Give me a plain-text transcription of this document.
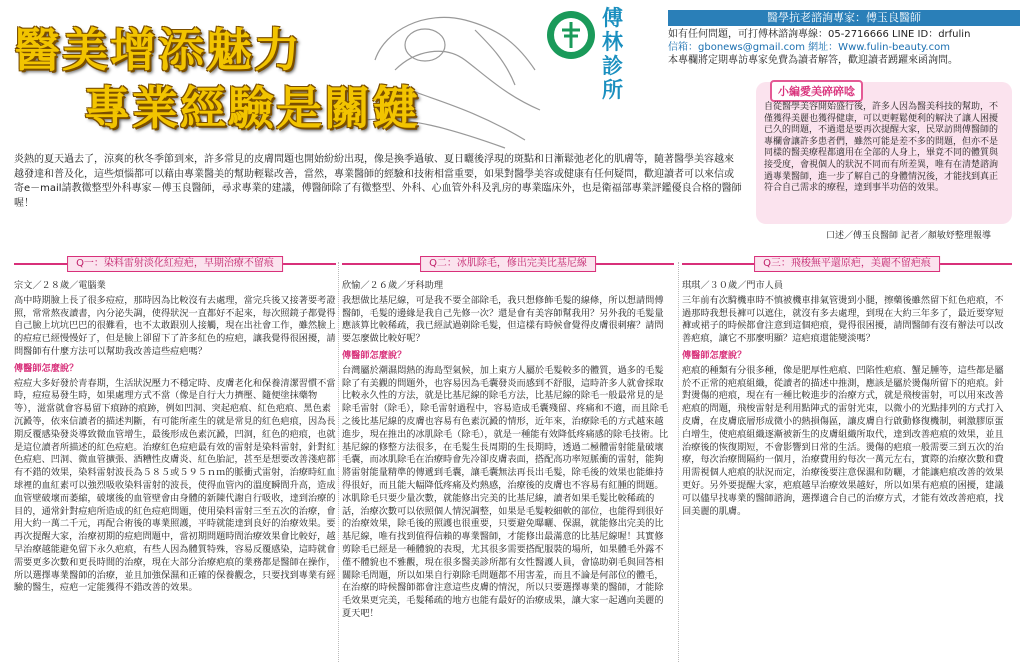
醫美增添魅力
專業經驗是關鍵
傅林
診所
醫學抗老諮詢專家：傅玉良醫師
如有任何問題，可打傅林諮詢專線：05-2716666 LINE ID：drfulin
信箱：gbonews@gmail.com 網址：Www.fulin-beauty.com
本專欄將定期專訪專家免費為讀者解答，歡迎讀者踴躍來函詢問。
小編愛美碎碎唸
自從醫學美容開始盛行後，許多人因為醫美科技的幫助，不僅獲得美麗也獲得健康，可以更輕鬆便利的解決了讓人困擾已久的問題，不過還是要再次提醒大家，民眾訪問傅醫師的專欄會讓許多患者們，雖然可能是差不多的問題，但亦不是同樣的醫美療程都適用在全部的人身上，畢竟不同的體質與接受度，會視個人的狀況不同而有所差異，唯有在清楚諮詢過專業醫師，進一步了解自己的身體情況後，才能找到真正符合自己需求的療程，達到事半功倍的效果。
炎熱的夏天過去了，涼爽的秋冬季節到來，許多常見的皮膚問題也開始紛紛出現，像是換季過敏、夏日曬後浮現的斑點和日漸鬆弛老化的肌膚等，隨著醫學美容越來越發達和普及化，這些煩惱都可以藉由專業醫美的幫助輕鬆改善，當然，專業醫師的經驗和技術相當重要，如果對醫學美容或健康有任何疑問，歡迎讀者可以來信或寄e－mail請教微整型外科專家－傅玉良醫師，尋求專業的建議，傅醫師除了有微整型、外科、心血管外科及乳房的專業臨床外，也是衛福部專業評鑑優良合格的醫師喔！
口述／傅玉良醫師 記者／顏敏妤整理報導
Q一：染料雷射淡化紅痘疤，早期治療不留痕	Q二：冰肌除毛，修出完美比基尼線	Q三：飛梭無平還原疤，美麗不留疤痕

宗文／２８歲／電腦業

高中時期臉上長了很多痘痘，那時因為比較沒有去處理，當完兵後又接著要考證照，常常熬夜讀書，內分泌失調，使得狀況一直都好不起來，每次照鏡子都覺得自己臉上坑坑巴巴的很難看，也不太敢跟別人接觸，現在出社會工作，雖然臉上的痘痘已經慢慢好了，但是臉上卻留下了許多紅色的痘疤，讓我覺得很困擾，請問醫師有什麼方法可以幫助我改善這些痘疤嗎？

傅醫師怎麼說？

痘痘大多好發於青春期，生活狀況壓力不穩定時、皮膚老化和保養清潔習慣不當時，痘痘易發生時，如果處理方式不當（像是自行大力擠壓、隨便塗抹藥物等），滋當就會容易留下痕跡的痕跡，例如凹洞、突起疤痕、紅色疤痕、黑色素沉澱等，依來信讀者的描述判斷，有可能所產生的就是常見的紅色疤痕，因為長期反覆感染發炎導致微血管增生，最後形成色素沉澱，凹洞，紅色的疤痕，也就是這位讀者所描述的紅色痘疤。治療紅色痘疤最有效的雷射是染料雷射，針對紅色痘疤、凹洞、微血管擴張、酒糟性皮膚炎、紅色胎記，甚至是想要改善淺疤都有不錯的效果，染料雷射波長為５８５或５９５ｎｍ的脈衝式雷射，治療時紅血球裡的血紅素可以強烈吸收染料雷射的波長，使得血管內的溫度瞬間升高，造成血管壁破壞而萎縮，破壞後的血管壁會由身體的新陳代謝自行吸收，達到治療的目的，通常針對痘疤所造成的紅色痘疤問題，使用染料雷射三至五次的治療，會用大約一萬二千元，再配合術後的專業照護，平時就能達到良好的治療效果。要再次提醒大家，治療初期的痘疤問題中，當初期問題時間治療效果會比較好，越早治療越能避免留下永久疤痕，有些人因為體質特殊，容易反覆感染，這時就會需要更多次數和更長時間的治療，現在大部分治療疤痕的業務都是醫師在操作，所以選擇專業醫師的治療，並且加強保濕和正確的保養觀念，只要找到專業有經驗的醫生，痘疤一定能獲得不錯改善的效果。

欣愉／２６歲／牙科助理

我想做比基尼線，可是我不要全部除毛，我只想修飾毛髮的線條，所以想請問傅醫師，毛髮的邊緣是我自己先修一次？還是會有美容師幫我用？另外我的毛髮量應該算比較稀疏，我已經試過剃除毛髮，但這樣有時候會覺得皮膚很刺癢？請問要怎麼做比較好呢？

傅醫師怎麼說？

台灣屬於潮濕悶熱的海島型氣候，加上東方人屬於毛髮較多的體質，過多的毛髮除了有美觀的問題外，也容易因為毛囊發炎而感到不舒服，這時許多人就會採取比較永久性的方法，就是比基尼線的除毛方法，比基尼線的除毛一般最常見的是除毛雷射（除毛），除毛雷射過程中，容易造成毛囊殘留、疼痛和不適，而且除毛之後比基尼線的皮膚也容易有色素沉澱的情形，近年來，治療除毛的方式越來越進步，現在推出的冰肌除毛（除毛），就是一種能有效降低疼痛感的除毛技術。比基尼線的修整方法很多，在毛髮生長周期的生長期時，透過二極體雷射能量破壞毛囊，而冰肌除毛在治療時會先冷卻皮膚表面，搭配高功率短脈衝的雷射，能夠將雷射能量精準的傳遞到毛囊，讓毛囊無法再長出毛髮，除毛後的效果也能維持得很好，而且能大幅降低疼痛及灼熱感，治療後的皮膚也不容易有紅腫的問題。冰肌除毛只要少量次數，就能修出完美的比基尼線，讀者如果毛髮比較稀疏的話，治療次數可以依照個人情況調整，如果是毛髮較細軟的部位，也能得到很好的治療效果，除毛後的照護也很重要，只要避免曝曬、保濕，就能修出完美的比基尼線，唯有找到值得信賴的專業醫師，才能修出最滿意的比基尼線喔！其實修剪除毛已經是一種體貌的表現，尤其很多需要搭配服裝的場所，如果體毛外露不僅不體貌也不雅觀，現在很多醫美診所都有女性醫護人員，會協助剃毛與回答相關除毛問題，所以如果自行剃除毛問題都不用害羞，而且不論是何部位的體毛，在治療的時候醫師都會注意這些皮膚的情況，所以只要選擇專業的醫師，才能除毛效果更完美，毛髮稀疏的地方也能有最好的治療成果，讓大家一起邁向美麗的夏天吧！

琪琪／３０歲／門市人員

三年前有次騎機車時不慎被機車排氣管燙到小腿，擦藥後雖然留下紅色疤痕，不過那時我想長褲可以遮住，就沒有多去處理，到現在大約三年多了，最近要穿短褲或裙子的時候都會注意到這個疤痕，覺得很困擾，請問醫師有沒有辦法可以改善疤痕，讓它不那麼明顯？這疤痕還能變淡嗎？

傅醫師怎麼說？

疤痕的種類有分很多種，像是肥厚性疤痕、凹陷性疤痕、蟹足腫等，這些都是屬於不正常的疤痕組織，從讀者的描述中推測，應該是屬於燙傷所留下的疤痕。針對燙傷的疤痕，現在有一種比較進步的治療方式，就是飛梭雷射，可以用來改善疤痕的問題，飛梭雷射是利用點陣式的雷射光束，以微小的光點排列的方式打入皮膚，在皮膚底層形成微小的熱損傷區，讓皮膚自行啟動修復機制，刺激膠原蛋白增生，使疤痕組織逐漸被新生的皮膚組織所取代，達到改善疤痕的效果，並且治療後的恢復期短，不會影響到日常的生活。燙傷的疤痕一般需要三到五次的治療，每次治療間隔約一個月，治療費用約每次一萬元左右，實際的治療次數和費用需視個人疤痕的狀況而定，治療後要注意保濕和防曬，才能讓疤痕改善的效果更好。另外要提醒大家，疤痕越早治療效果越好，所以如果有疤痕的困擾，建議可以儘早找專業的醫師諮詢，選擇適合自己的治療方式，才能有效改善疤痕，找回美麗的肌膚。
